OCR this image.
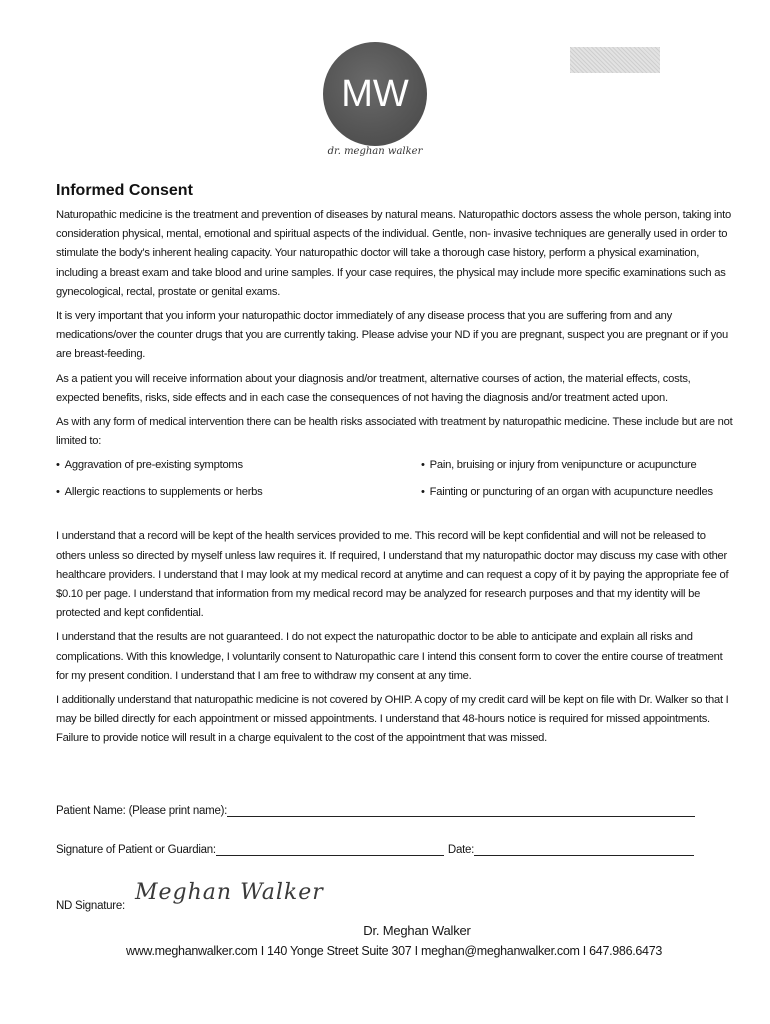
MW
dr. meghan walker
Informed Consent

Naturopathic medicine is the treatment and prevention of diseases by natural means. Naturopathic doctors assess the whole person, taking into consideration physical, mental, emotional and spiritual aspects of the individual. Gentle, non- invasive techniques are generally used in order to stimulate the body’s inherent healing capacity. Your naturopathic doctor will take a thorough case history, perform a physical examination, including a breast exam and take blood and urine samples. If your case requires, the physical may include more specific examinations such as gynecological, rectal, prostate or genital exams.

It is very important that you inform your naturopathic doctor immediately of any disease process that you are suffering from and any medications/over the counter drugs that you are currently taking. Please advise your ND if you are pregnant, suspect you are pregnant or if you are breast-feeding.

As a patient you will receive information about your diagnosis and/or treatment, alternative courses of action, the material effects, costs, expected benefits, risks, side effects and in each case the consequences of not having the diagnosis and/or treatment acted upon.

As with any form of medical intervention there can be health risks associated with treatment by naturopathic medicine. These include but are not limited to:

• Aggravation of pre-existing symptoms	• Pain, bruising or injury from venipuncture or acupuncture
• Allergic reactions to supplements or herbs	• Fainting or puncturing of an organ with acupuncture needles

I understand that a record will be kept of the health services provided to me. This record will be kept confidential and will not be released to others unless so directed by myself unless law requires it. If required, I understand that my naturopathic doctor may discuss my case with other healthcare providers. I understand that I may look at my medical record at anytime and can request a copy of it by paying the appropriate fee of $0.10 per page. I understand that information from my medical record may be analyzed for research purposes and that my identity will be protected and kept confidential.

I understand that the results are not guaranteed. I do not expect the naturopathic doctor to be able to anticipate and explain all risks and complications. With this knowledge, I voluntarily consent to Naturopathic care I intend this consent form to cover the entire course of treatment for my present condition. I understand that I am free to withdraw my consent at any time.

I additionally understand that naturopathic medicine is not covered by OHIP. A copy of my credit card will be kept on file with Dr. Walker so that I may be billed directly for each appointment or missed appointments. I understand that 48-hours notice is required for missed appointments. Failure to provide notice will result in a charge equivalent to the cost of the appointment that was missed.

Patient Name: (Please print name):
Signature of Patient or Guardian:	Date:
ND Signature:
Meghan Walker
Dr. Meghan Walker
www.meghanwalker.com I 140 Yonge Street Suite 307 I meghan@meghanwalker.com I 647.986.6473
